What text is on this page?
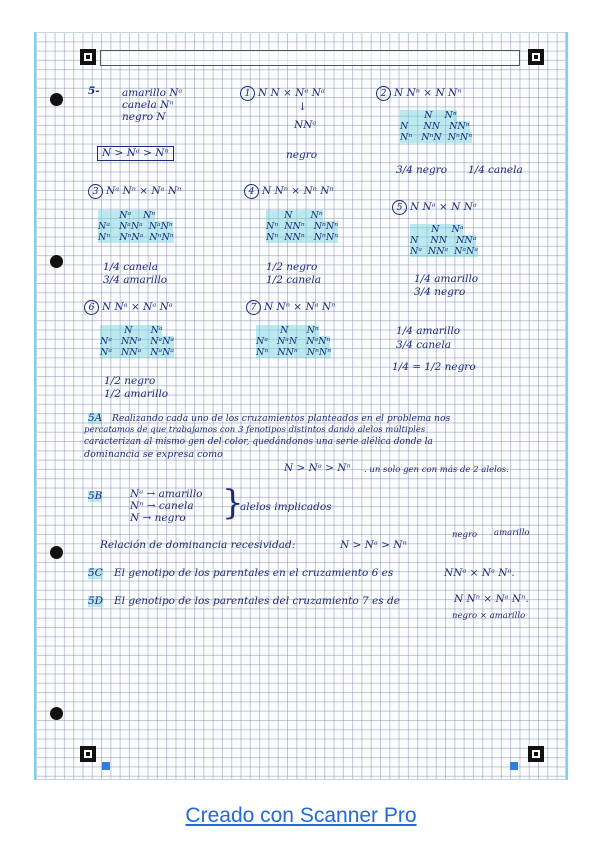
5- amarillo Nᵃ
canela Nⁿ
negro N
N > Nᵃ > Nⁿ
1 N N × Nᵃ Nᵃ
↓
NNᵃ
negro
2 N Nⁿ × N Nⁿ
N    Nⁿ
N     NN   NNⁿ
Nⁿ   NⁿN  NⁿNⁿ
3/4 negro 1/4 canela
3 Nᵃ Nⁿ × Nᵃ Nⁿ
Nᵃ    Nⁿ
Nᵃ   NᵃNᵃ  NᵃNⁿ
Nⁿ   NⁿNᵃ  NⁿNⁿ
1/4 canela
3/4 amarillo
4 N Nⁿ × Nⁿ Nⁿ
N      Nⁿ
Nⁿ  NNⁿ   NⁿNⁿ
Nⁿ  NNⁿ   NⁿNⁿ
1/2 negro
1/2 canela
5 N Nᵃ × N Nᵃ
N    Nᵃ
N    NN   NNᵃ
Nᵃ  NNᵃ  NᵃNᵃ
1/4 amarillo
3/4 negro
6 N Nᵃ × Nᵃ Nᵃ
N      Nᵃ
Nᵃ   NNᵃ   NᵃNᵃ
Nᵃ   NNᵃ   NᵃNᵃ
1/2 negro
1/2 amarillo
7 N Nⁿ × Nᵃ Nⁿ
N      Nⁿ
Nᵃ   NᵃN   NᵃNⁿ
Nⁿ   NNⁿ   NⁿNⁿ
1/4 amarillo
3/4 canela
1/4 = 1/2 negro
5A Realizando cada uno de los cruzamientos planteados en el problema nos
percatamos de que trabajamos con 3 fenotipos distintos dando alelos múltiples
caracterizan al mismo gen del color, quedándonos una serie alélica donde la
dominancia se expresa como
N > Nᵃ > Nⁿ . un solo gen con más de 2 alelos.
5B	Nᵃ → amarillo
Nⁿ → canela
N → negro }
alelos implicados
Relación de dominancia recesividad:	N > Nᵃ > Nⁿ
negro amarillo
5C El genotipo de los parentales en el cruzamiento 6 es	NNᵃ × Nᵃ Nᵃ.
5D El genotipo de los parentales del cruzamiento 7 es de	N Nⁿ × Nᵃ Nⁿ.
negro × amarillo
Creado con Scanner Pro
